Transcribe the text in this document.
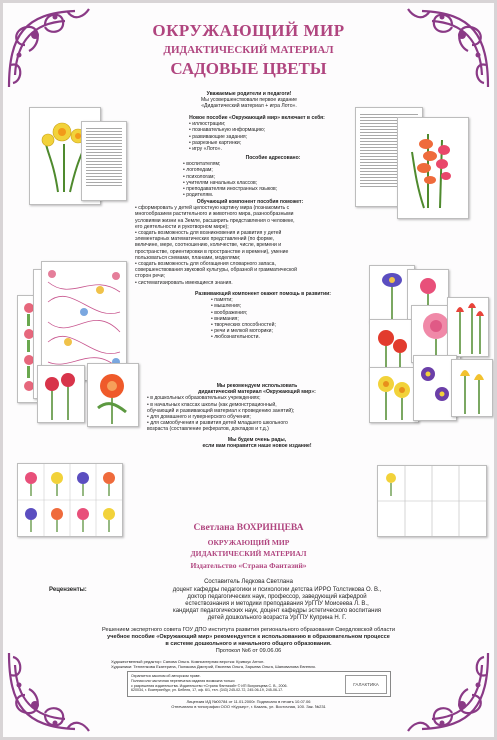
ОКРУЖАЮЩИЙ МИР
ДИДАКТИЧЕСКИЙ МАТЕРИАЛ
САДОВЫЕ ЦВЕТЫ
Уважаемые родители и педагоги!
Мы усовершенствовали первое издание
«Дидактический материал + игра Лото».
Новое пособие «Окружающий мир» включает в себя:
• иллюстрации;
• познавательную информацию;
• развивающие задания;
• разрезные картинки;
• игру «Лото».
Пособие адресовано:
• воспитателям;
• логопедам;
• психологам;
• учителям начальных классов;
• преподавателям иностранных языков;
• родителям.
Обучающий компонент пособия поможет:
• сформировать у детей целостную картину мира (познакомить с
многообразием растительного и животного мира, разнообразными
условиями жизни на Земле, расширить представления о человеке,
его деятельности и рукотворном мире);
• создать возможность для возникновения и развития у детей
элементарных математических представлений (по форме,
величине, мере, соотношению, количестве, числе, времени и
пространстве, ориентировки в пространстве и времени), умение
пользоваться схемами, планами, моделями;
• создать возможность для обогащения словарного запаса,
совершенствования звуковой культуры, образной и грамматической
сторон речи;
• систематизировать имеющиеся знания.
Развивающий компонент окажет помощь в развитии:
• памяти;
• мышления;
• воображения;
• внимания;
• творческих способностей;
• речи и мелкой моторики;
• любознательности.
Мы рекомендуем использовать
дидактический материал «Окружающий мир»:
• в дошкольных образовательных учреждениях;
• в начальных классах школы (как демонстрационный,
обучающий и развивающий материал к проведению занятий);
• для домашнего и гувернерского обучения;
• для самообучения и развития детей младшего школьного
возраста (составление рефератов, докладов и т.д.)
Мы будем очень рады,
если вам понравится наше новое издание!
Светлана ВОХРИНЦЕВА
ОКРУЖАЮЩИЙ МИР
ДИДАКТИЧЕСКИЙ МАТЕРИАЛ
Издательство «Страна Фантазий»
Составитель Ледкова Светлана
Рецензенты:	доцент кафедры педагогики и психологии детства ИРРО Толстикова О. В.,
доктор педагогических наук, профессор, заведующий кафедрой
естествознания и методики преподавания УрГПУ Моисеева Л. В.,
кандидат педагогических наук, доцент кафедры эстетического воспитания
детей дошкольного возраста УрГПУ Куприна Н. Г.
Решением экспертного совета ГОУ ДПО института развития регионального образования Свердловской области
учебное пособие «Окружающий мир» рекомендуется к использованию в образовательном процессе
в системе дошкольного и начального общего образования.
Протокол №6 от 09.06.06
Художественный редактор: Сапова Ольга. Компьютерная верстка: Кривоус Антон.
Художники: Тепленкова Екатерина, Полякова Дмитрий, Евсеева Ольга, Зарьева Ольга, Шаповалова Евгения.
Охраняется законом об авторском праве.
Полная или частичная перепечатка издания возможна только
с разрешения издательства. Издательство «Страна Фантазий» © ИП Вохринцева С. В., 2006.
620034, г. Екатеринбург, ул. Бебеля, 17, оф. 6/1, тел. (343) 245-02-72, 245-06-19, 245-06-17.
ГАЛАКТИКА
Лицензия ИД №00784 от 11.01.2000г. Подписано в печать 10.07.06
Отпечатано в типографии ООО «Курьер», г. Казань, ул. Восточная, 100. Зак. №231
